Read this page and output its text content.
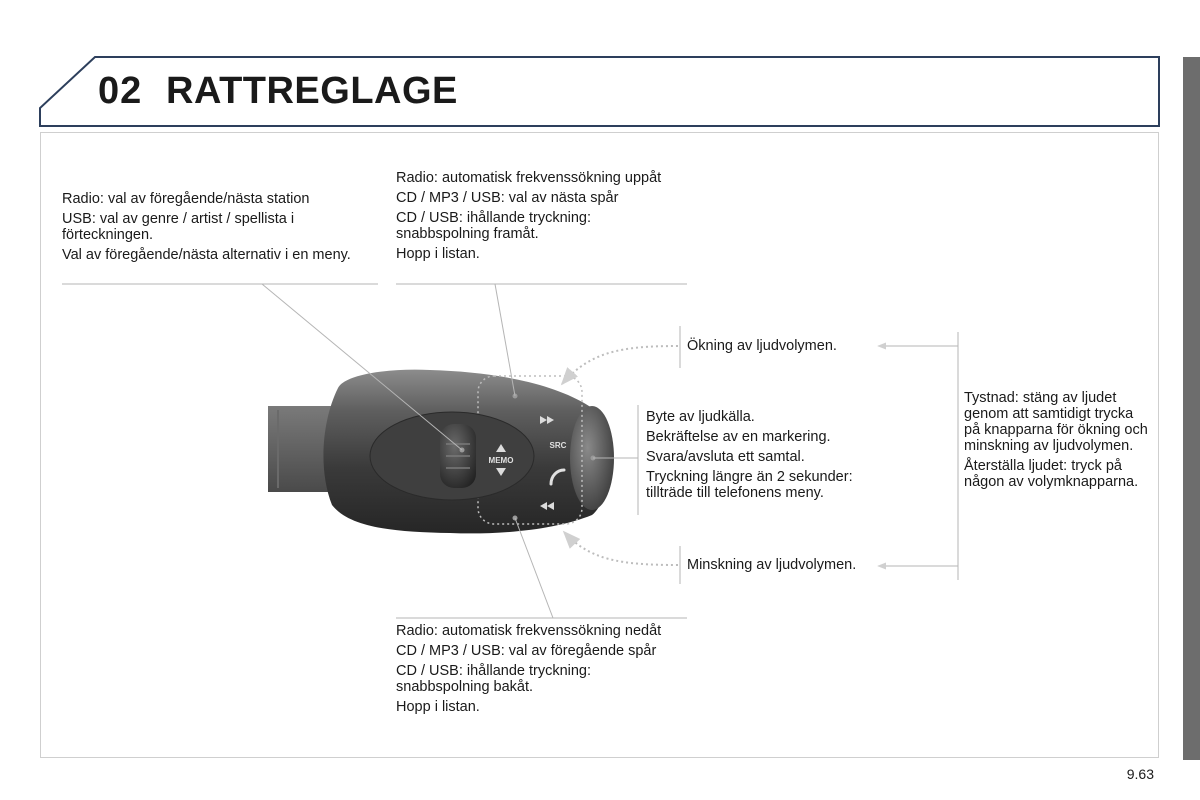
02 RATTREGLAGE
MEMO
SRC

Radio: val av föregående/nästa station

USB: val av genre / artist / spellista i förteckningen.

Val av föregående/nästa alternativ i en meny.

Radio: automatisk frekvenssökning uppåt

CD / MP3 / USB: val av nästa spår

CD / USB: ihållande tryckning: snabbspolning framåt.

Hopp i listan.

Ökning av ljudvolymen.

Byte av ljudkälla.

Bekräftelse av en markering.

Svara/avsluta ett samtal.

Tryckning längre än 2 sekunder: tillträde till telefonens meny.

Minskning av ljudvolymen.

Tystnad: stäng av ljudet genom att samtidigt trycka på knapparna för ökning och minskning av ljudvolymen.

Återställa ljudet: tryck på någon av volymknapparna.

Radio: automatisk frekvenssökning nedåt

CD / MP3 / USB: val av föregående spår

CD / USB: ihållande tryckning: snabbspolning bakåt.

Hopp i listan.

9.63
